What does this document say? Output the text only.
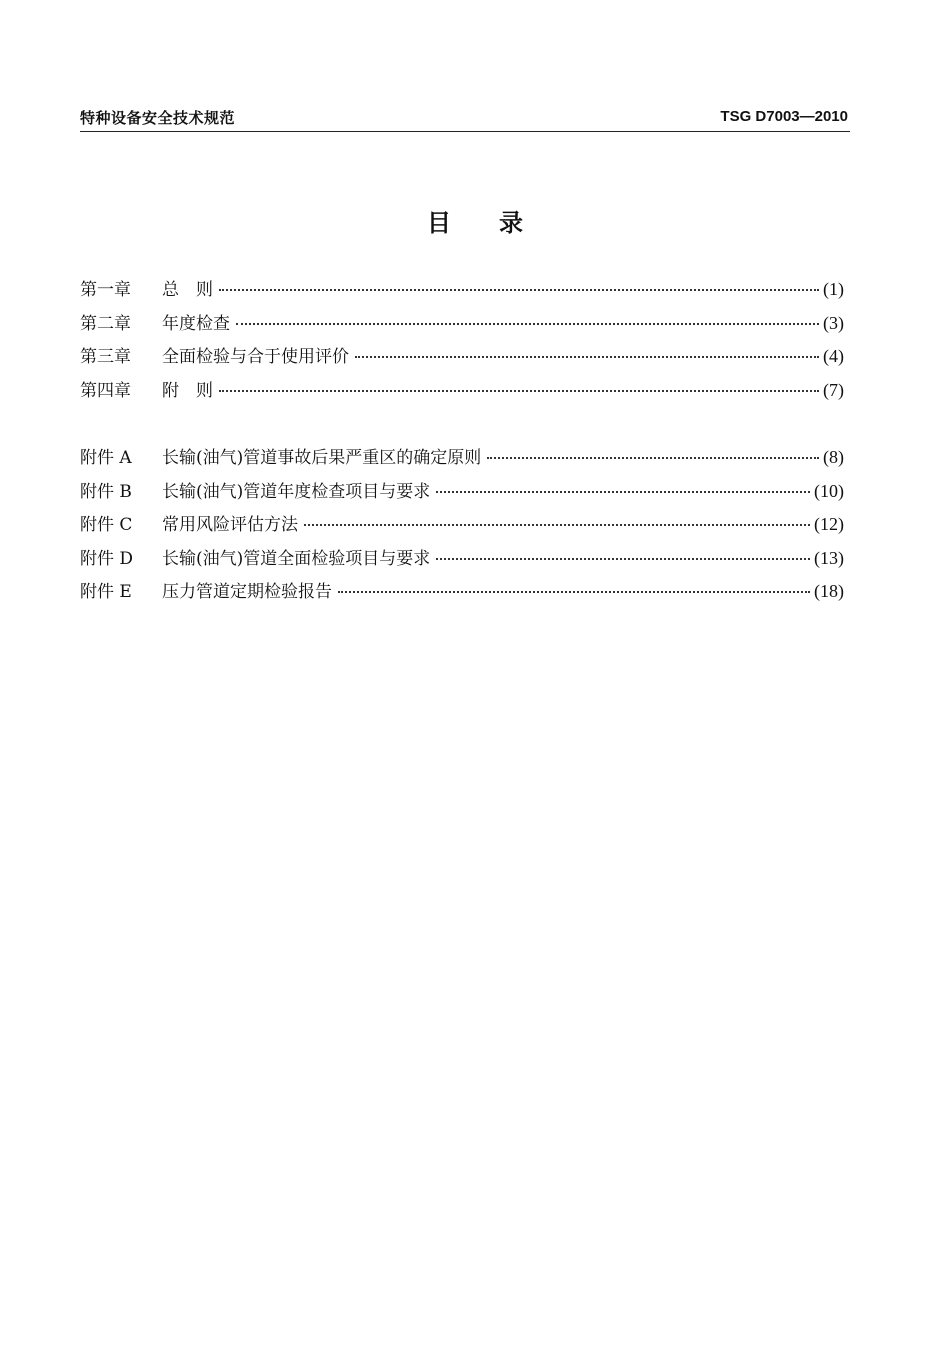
特种设备安全技术规范	TSG D7003—2010
目录
第一章	总　则	(1)
第二章	年度检查	(3)
第三章	全面检验与合于使用评价	(4)
第四章	附　则	(7)
附件 A	长输(油气)管道事故后果严重区的确定原则	(8)
附件 B	长输(油气)管道年度检查项目与要求	(10)
附件 C	常用风险评估方法	(12)
附件 D	长输(油气)管道全面检验项目与要求	(13)
附件 E	压力管道定期检验报告	(18)
